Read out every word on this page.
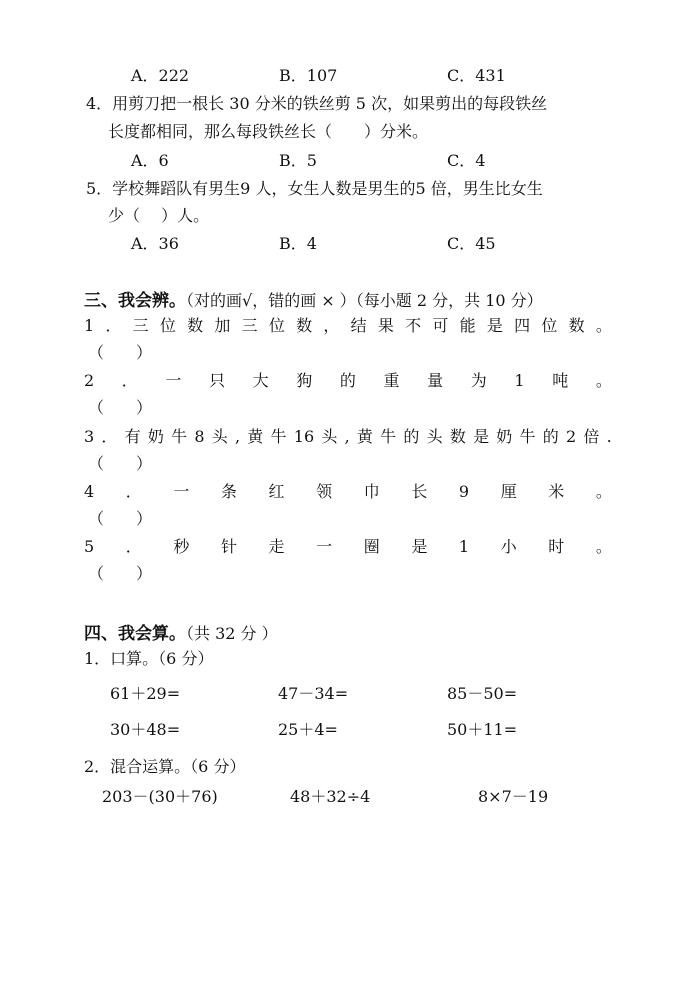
A．222	B．107	C．431
4．用剪刀把一根长 30 分米的铁丝剪 5 次，如果剪出的每段铁丝
长度都相同，那么每段铁丝长（　　）分米。
A．6	B．5	C．4
5．学校舞蹈队有男生9 人，女生人数是男生的5 倍，男生比女生
少（　 ）人。
A．36	B．4	C．45
三、我会辨。（对的画√，错的画 × ）（每小题 2 分，共 10 分）
1 ． 三 位 数 加 三 位 数 ， 结 果 不 可 能 是 四 位 数 。
（　　）
2 ． 一 只 大 狗 的 重 量 为 1 吨 。
（　　）
3 ． 有 奶 牛 8 头 , 黄 牛 16 头 , 黄 牛 的 头 数 是 奶 牛 的 2 倍 .
（　　）
4 ． 一 条 红 领 巾 长 9 厘 米 。
（　　）
5 ． 秒 针 走 一 圈 是 1 小 时 。
（　　）
四、我会算。（共 32 分 ）
1．口算。（6 分）
61＋29=	47－34=	85－50=
30＋48=	25＋4=	50＋11=
2．混合运算。（6 分）
203－(30＋76)	48＋32÷4	8×7－19
